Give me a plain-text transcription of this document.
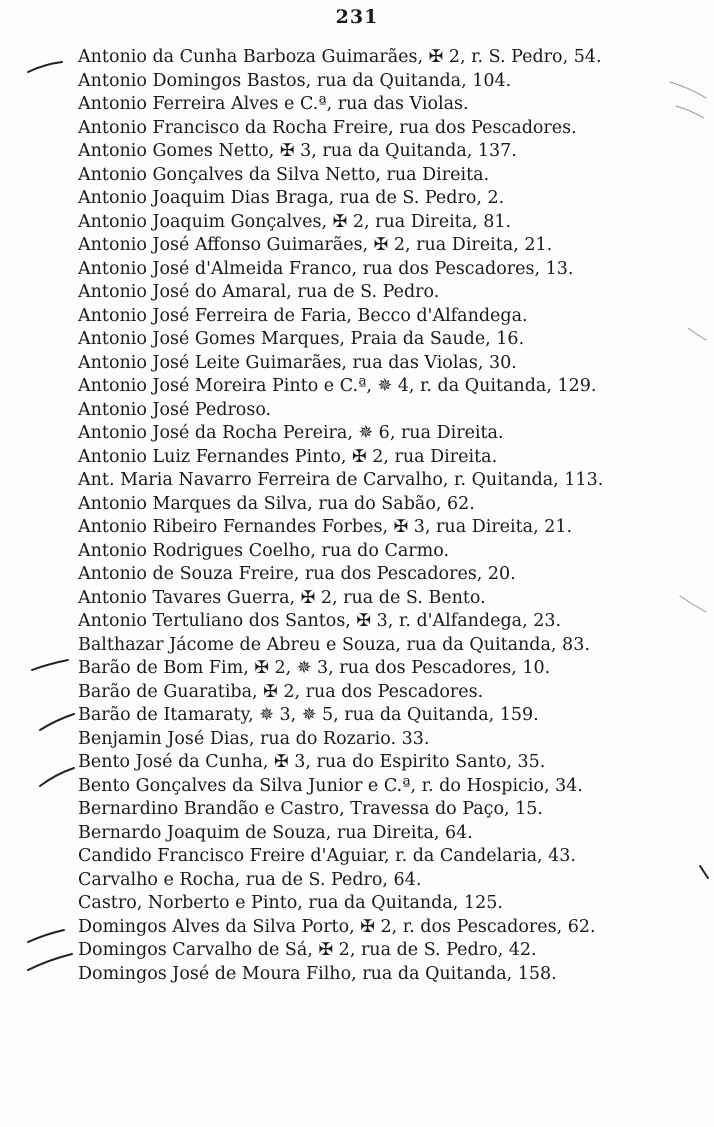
231
Antonio da Cunha Barboza Guimarães, ✠ 2, r. S. Pedro, 54.
Antonio Domingos Bastos, rua da Quitanda, 104.
Antonio Ferreira Alves e C.ª, rua das Violas.
Antonio Francisco da Rocha Freire, rua dos Pescadores.
Antonio Gomes Netto, ✠ 3, rua da Quitanda, 137.
Antonio Gonçalves da Silva Netto, rua Direita.
Antonio Joaquim Dias Braga, rua de S. Pedro, 2.
Antonio Joaquim Gonçalves, ✠ 2, rua Direita, 81.
Antonio José Affonso Guimarães, ✠ 2, rua Direita, 21.
Antonio José d'Almeida Franco, rua dos Pescadores, 13.
Antonio José do Amaral, rua de S. Pedro.
Antonio José Ferreira de Faria, Becco d'Alfandega.
Antonio José Gomes Marques, Praia da Saude, 16.
Antonio José Leite Guimarães, rua das Violas, 30.
Antonio José Moreira Pinto e C.ª, ✵ 4, r. da Quitanda, 129.
Antonio José Pedroso.
Antonio José da Rocha Pereira, ✵ 6, rua Direita.
Antonio Luiz Fernandes Pinto, ✠ 2, rua Direita.
Ant. Maria Navarro Ferreira de Carvalho, r. Quitanda, 113.
Antonio Marques da Silva, rua do Sabão, 62.
Antonio Ribeiro Fernandes Forbes, ✠ 3, rua Direita, 21.
Antonio Rodrigues Coelho, rua do Carmo.
Antonio de Souza Freire, rua dos Pescadores, 20.
Antonio Tavares Guerra, ✠ 2, rua de S. Bento.
Antonio Tertuliano dos Santos, ✠ 3, r. d'Alfandega, 23.
Balthazar Jácome de Abreu e Souza, rua da Quitanda, 83.
Barão de Bom Fim, ✠ 2, ✵ 3, rua dos Pescadores, 10.
Barão de Guaratiba, ✠ 2, rua dos Pescadores.
Barão de Itamaraty, ✵ 3, ✵ 5, rua da Quitanda, 159.
Benjamin José Dias, rua do Rozario. 33.
Bento José da Cunha, ✠ 3, rua do Espirito Santo, 35.
Bento Gonçalves da Silva Junior e C.ª, r. do Hospicio, 34.
Bernardino Brandão e Castro, Travessa do Paço, 15.
Bernardo Joaquim de Souza, rua Direita, 64.
Candido Francisco Freire d'Aguiar, r. da Candelaria, 43.
Carvalho e Rocha, rua de S. Pedro, 64.
Castro, Norberto e Pinto, rua da Quitanda, 125.
Domingos Alves da Silva Porto, ✠ 2, r. dos Pescadores, 62.
Domingos Carvalho de Sá, ✠ 2, rua de S. Pedro, 42.
Domingos José de Moura Filho, rua da Quitanda, 158.
